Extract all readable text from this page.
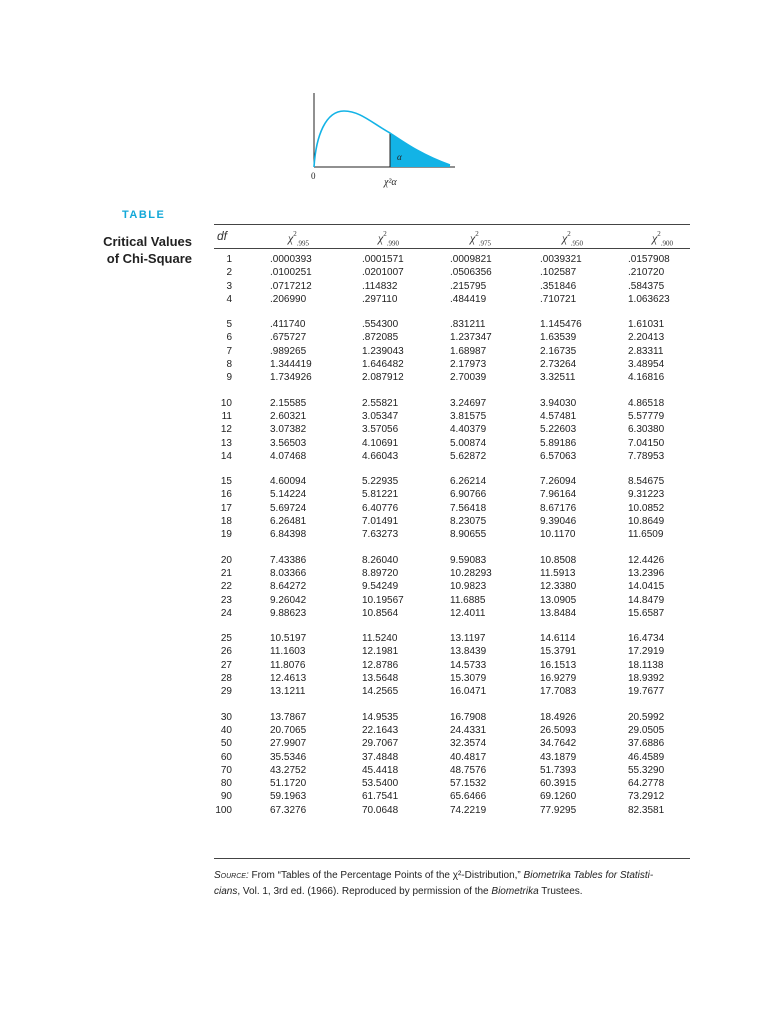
α
0
χ²α
TABLE
Critical Values
of Chi-Square
df	$\chi^2_{.995}$	$\chi^2_{.990}$	$\chi^2_{.975}$	$\chi^2_{.950}$	$\chi^2_{.900}$
1	.0000393	.0001571	.0009821	.0039321	.0157908
2	.0100251	.0201007	.0506356	.102587	.210720
3	.0717212	.114832	.215795	.351846	.584375
4	.206990	.297110	.484419	.710721	1.063623
5	.411740	.554300	.831211	1.145476	1.61031
6	.675727	.872085	1.237347	1.63539	2.20413
7	.989265	1.239043	1.68987	2.16735	2.83311
8	1.344419	1.646482	2.17973	2.73264	3.48954
9	1.734926	2.087912	2.70039	3.32511	4.16816
10	2.15585	2.55821	3.24697	3.94030	4.86518
11	2.60321	3.05347	3.81575	4.57481	5.57779
12	3.07382	3.57056	4.40379	5.22603	6.30380
13	3.56503	4.10691	5.00874	5.89186	7.04150
14	4.07468	4.66043	5.62872	6.57063	7.78953
15	4.60094	5.22935	6.26214	7.26094	8.54675
16	5.14224	5.81221	6.90766	7.96164	9.31223
17	5.69724	6.40776	7.56418	8.67176	10.0852
18	6.26481	7.01491	8.23075	9.39046	10.8649
19	6.84398	7.63273	8.90655	10.1170	11.6509
20	7.43386	8.26040	9.59083	10.8508	12.4426
21	8.03366	8.89720	10.28293	11.5913	13.2396
22	8.64272	9.54249	10.9823	12.3380	14.0415
23	9.26042	10.19567	11.6885	13.0905	14.8479
24	9.88623	10.8564	12.4011	13.8484	15.6587
25	10.5197	11.5240	13.1197	14.6114	16.4734
26	11.1603	12.1981	13.8439	15.3791	17.2919
27	11.8076	12.8786	14.5733	16.1513	18.1138
28	12.4613	13.5648	15.3079	16.9279	18.9392
29	13.1211	14.2565	16.0471	17.7083	19.7677
30	13.7867	14.9535	16.7908	18.4926	20.5992
40	20.7065	22.1643	24.4331	26.5093	29.0505
50	27.9907	29.7067	32.3574	34.7642	37.6886
60	35.5346	37.4848	40.4817	43.1879	46.4589
70	43.2752	45.4418	48.7576	51.7393	55.3290
80	51.1720	53.5400	57.1532	60.3915	64.2778
90	59.1963	61.7541	65.6466	69.1260	73.2912
100	67.3276	70.0648	74.2219	77.9295	82.3581
Source: From “Tables of the Percentage Points of the χ²-Distribution,” Biometrika Tables for Statisti-
cians, Vol. 1, 3rd ed. (1966). Reproduced by permission of the Biometrika Trustees.
